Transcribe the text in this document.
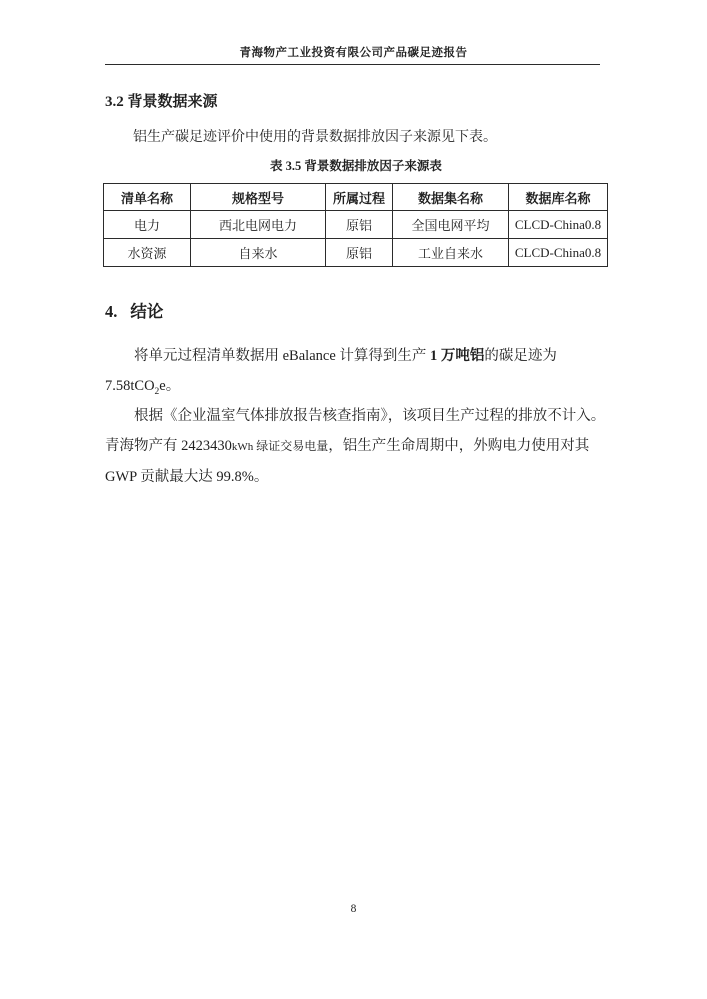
青海物产工业投资有限公司产品碳足迹报告
3.2 背景数据来源
铝生产碳足迹评价中使用的背景数据排放因子来源见下表。
表 3.5 背景数据排放因子来源表
清单名称	规格型号	所属过程	数据集名称	数据库名称
电力	西北电网电力	原铝	全国电网平均	CLCD-China0.8
水资源	自来水	原铝	工业自来水	CLCD-China0.8
4. 结论
将单元过程清单数据用 eBalance 计算得到生产 1 万吨铝的碳足迹为
7.58tCO$_2$e。
根据《企业温室气体排放报告核查指南》，该项目生产过程的排放不计入。
青海物产有 2423430kWh 绿证交易电量，铝生产生命周期中，外购电力使用对其
GWP 贡献最大达 99.8%。
8
